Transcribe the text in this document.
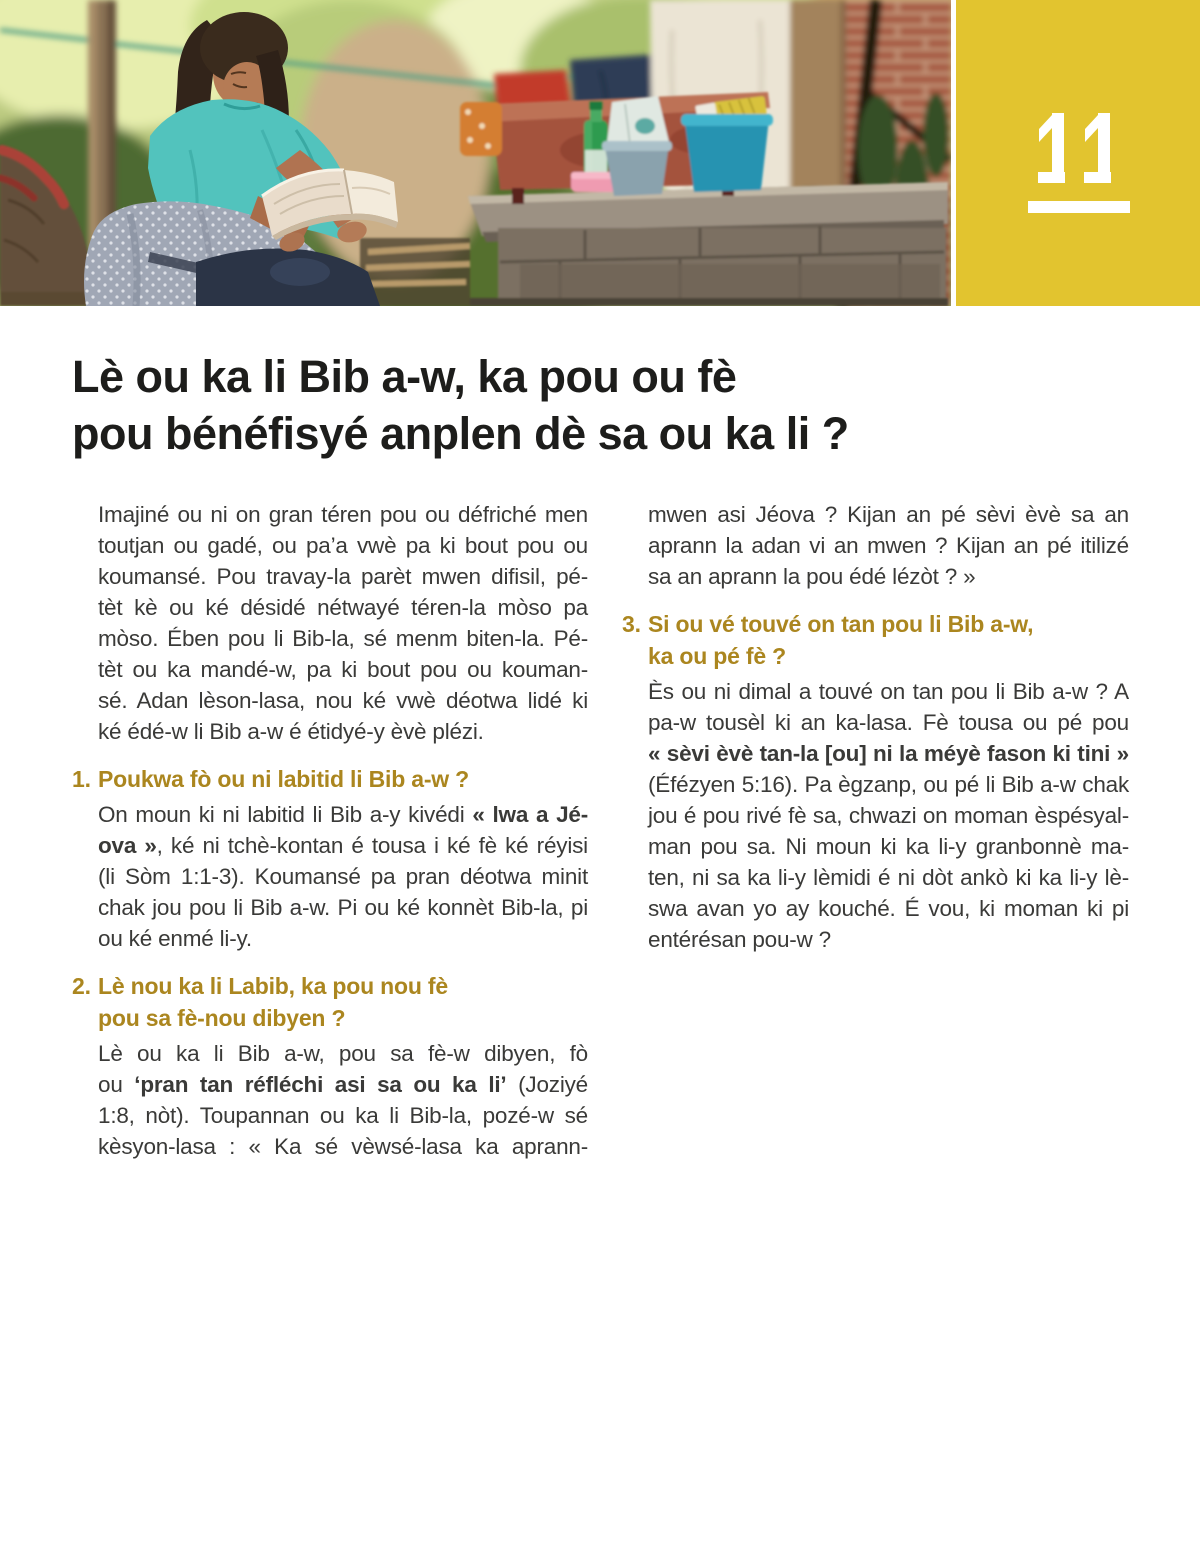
Lè ou ka li Bib a-w, ka pou ou fè
pou bénéfisyé anplen dè sa ou ka li ?
Imajiné ou ni on gran téren pou ou défriché men
toutjan ou gadé, ou pa’a vwè pa ki bout pou ou
koumansé. Pou travay-la parèt mwen difisil, pé-
tèt kè ou ké désidé nétwayé téren-la mòso pa
mòso. Ében pou li Bib-la, sé menm biten-la. Pé-
tèt ou ka mandé-w, pa ki bout pou ou kouman-
sé. Adan lèson-lasa, nou ké vwè déotwa lidé ki
ké édé-w li Bib a-w é étidyé-y èvè plézi.
1. Poukwa fò ou ni labitid li Bib a-w ?
On moun ki ni labitid li Bib a-y kivédi « lwa a Jé-
ova », ké ni tchè-kontan é tousa i ké fè ké réyisi
(li Sòm 1:1-3). Koumansé pa pran déotwa minit
chak jou pou li Bib a-w. Pi ou ké konnèt Bib-la, pi
ou ké enmé li-y.
2. Lè nou ka li Labib, ka pou nou fè
pou sa fè-nou dibyen ?
Lè ou ka li Bib a-w, pou sa fè-w dibyen, fò
ou ‘pran tan réfléchi asi sa ou ka li’ (Joziyé
1:8, nòt). Toupannan ou ka li Bib-la, pozé-w sé
kèsyon-lasa : « Ka sé vèwsé-lasa ka aprann-
mwen asi Jéova ? Kijan an pé sèvi èvè sa an
aprann la adan vi an mwen ? Kijan an pé itilizé
sa an aprann la pou édé lézòt ? »
3. Si ou vé touvé on tan pou li Bib a-w,
ka ou pé fè ?
Ès ou ni dimal a touvé on tan pou li Bib a-w ? A
pa-w tousèl ki an ka-lasa. Fè tousa ou pé pou
« sèvi èvè tan-la [ou] ni la méyè fason ki tini »
(Éfézyen 5:16). Pa ègzanp, ou pé li Bib a-w chak
jou é pou rivé fè sa, chwazi on moman èspésyal-
man pou sa. Ni moun ki ka li-y granbonnè ma-
ten, ni sa ka li-y lèmidi é ni dòt ankò ki ka li-y lè-
swa avan yo ay kouché. É vou, ki moman ki pi
entérésan pou-w ?
